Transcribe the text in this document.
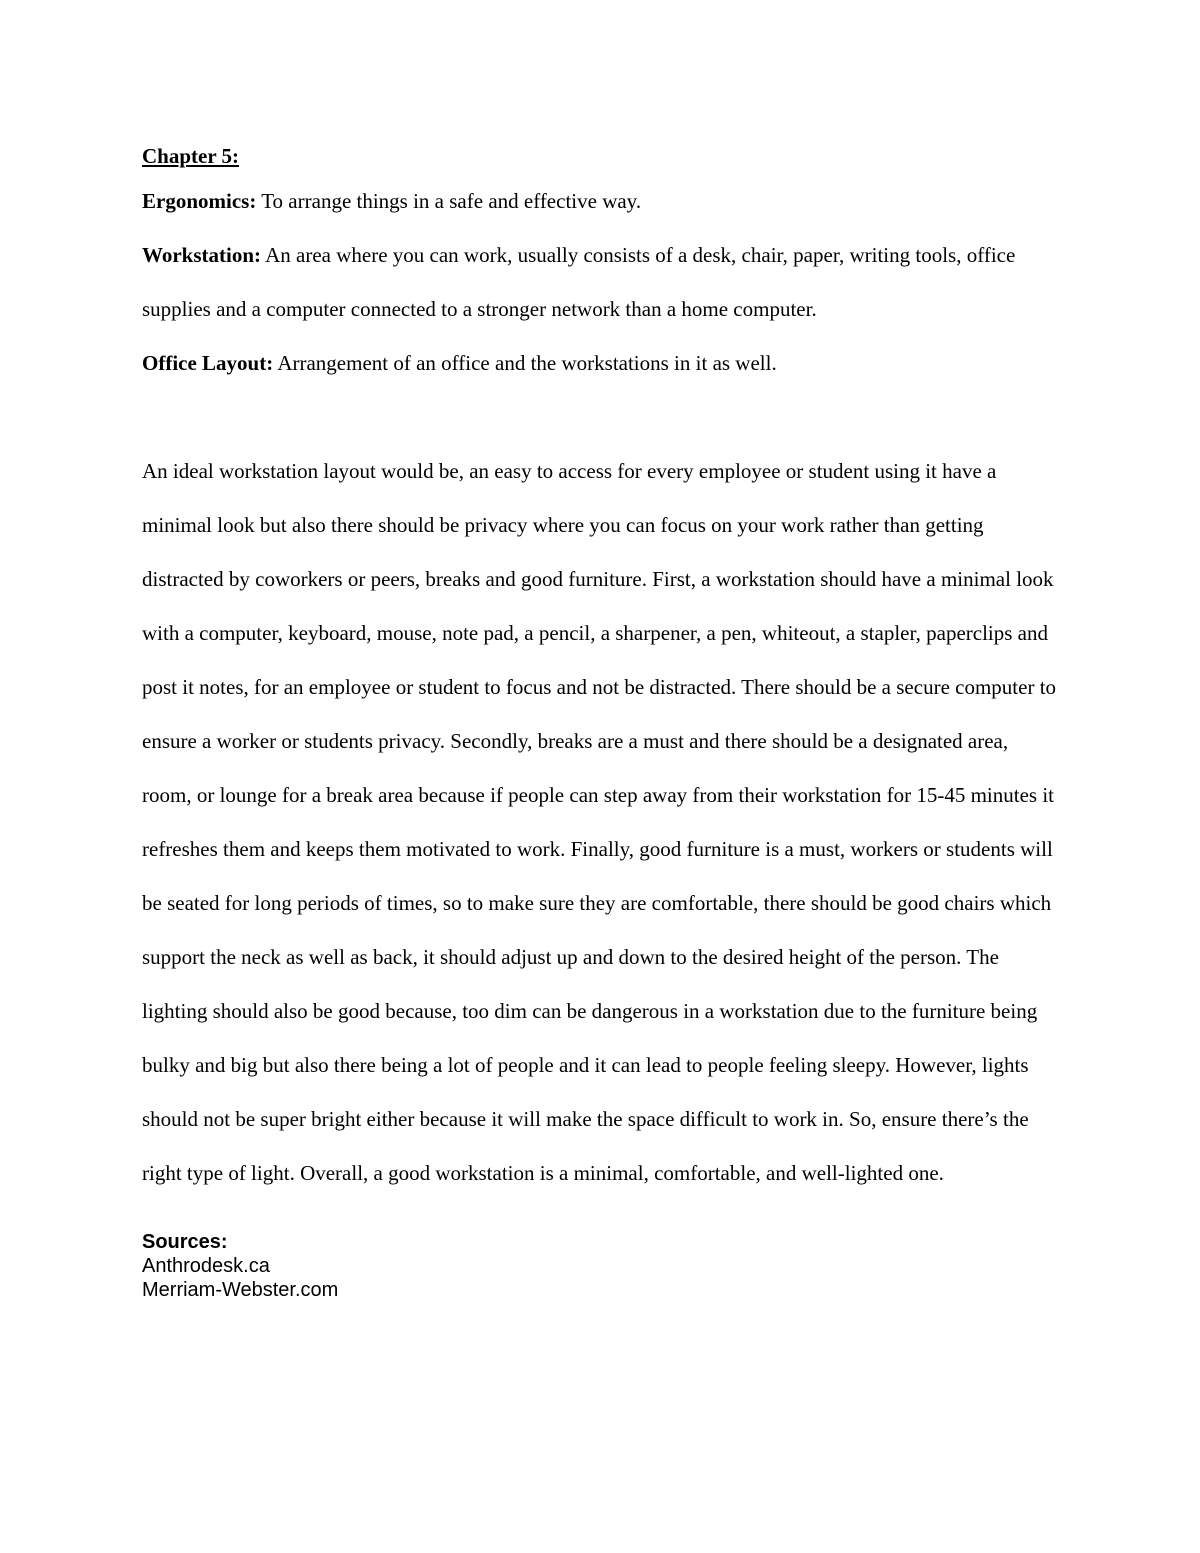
Chapter 5:

Ergonomics: To arrange things in a safe and effective way.

Workstation: An area where you can work, usually consists of a desk, chair, paper, writing tools, office supplies and a computer connected to a stronger network than a home computer.

Office Layout: Arrangement of an office and the workstations in it as well.

An ideal workstation layout would be, an easy to access for every employee or student using it have a minimal look but also there should be privacy where you can focus on your work rather than getting distracted by coworkers or peers, breaks and good furniture. First, a workstation should have a minimal look with a computer, keyboard, mouse, note pad, a pencil, a sharpener, a pen, whiteout, a stapler, paperclips and post it notes, for an employee or student to focus and not be distracted. There should be a secure computer to ensure a worker or students privacy. Secondly, breaks are a must and there should be a designated area, room, or lounge for a break area because if people can step away from their workstation for 15-45 minutes it refreshes them and keeps them motivated to work. Finally, good furniture is a must, workers or students will be seated for long periods of times, so to make sure they are comfortable, there should be good chairs which support the neck as well as back, it should adjust up and down to the desired height of the person. The lighting should also be good because, too dim can be dangerous in a workstation due to the furniture being bulky and big but also there being a lot of people and it can lead to people feeling sleepy. However, lights should not be super bright either because it will make the space difficult to work in. So, ensure there’s the right type of light. Overall, a good workstation is a minimal, comfortable, and well-lighted one.

Sources:
Anthrodesk.ca
Merriam-Webster.com
